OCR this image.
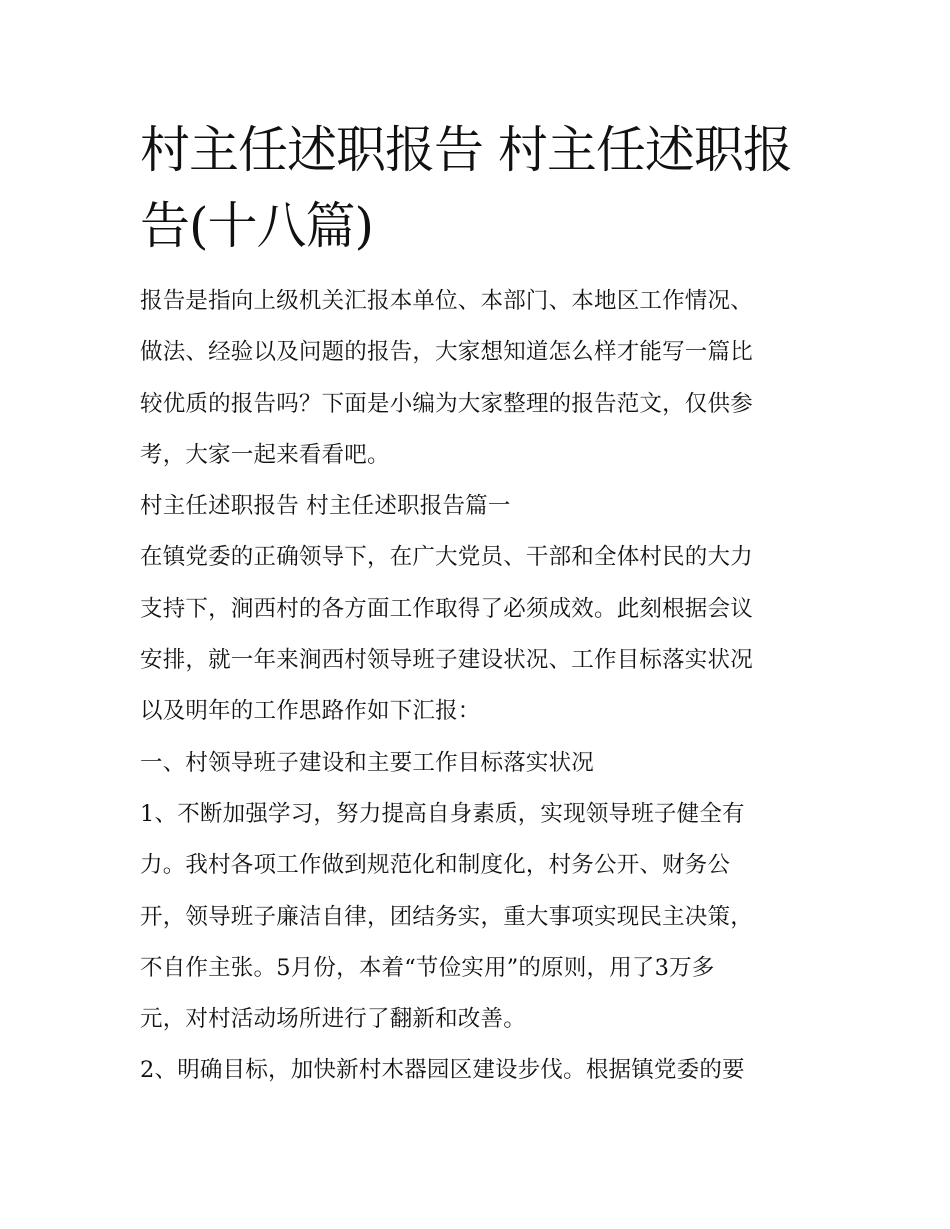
村主任述职报告 村主任述职报
告(十八篇)
报告是指向上级机关汇报本单位、本部门、本地区工作情况、
做法、经验以及问题的报告，大家想知道怎么样才能写一篇比
较优质的报告吗？下面是小编为大家整理的报告范文，仅供参
考，大家一起来看看吧。
村主任述职报告 村主任述职报告篇一
在镇党委的正确领导下，在广大党员、干部和全体村民的大力
支持下，涧西村的各方面工作取得了必须成效。此刻根据会议
安排，就一年来涧西村领导班子建设状况、工作目标落实状况
以及明年的工作思路作如下汇报：
一、村领导班子建设和主要工作目标落实状况
1、不断加强学习，努力提高自身素质，实现领导班子健全有
力。我村各项工作做到规范化和制度化，村务公开、财务公
开，领导班子廉洁自律，团结务实，重大事项实现民主决策，
不自作主张。5月份，本着“节俭实用”的原则，用了3万多
元，对村活动场所进行了翻新和改善。
2、明确目标，加快新村木器园区建设步伐。根据镇党委的要
